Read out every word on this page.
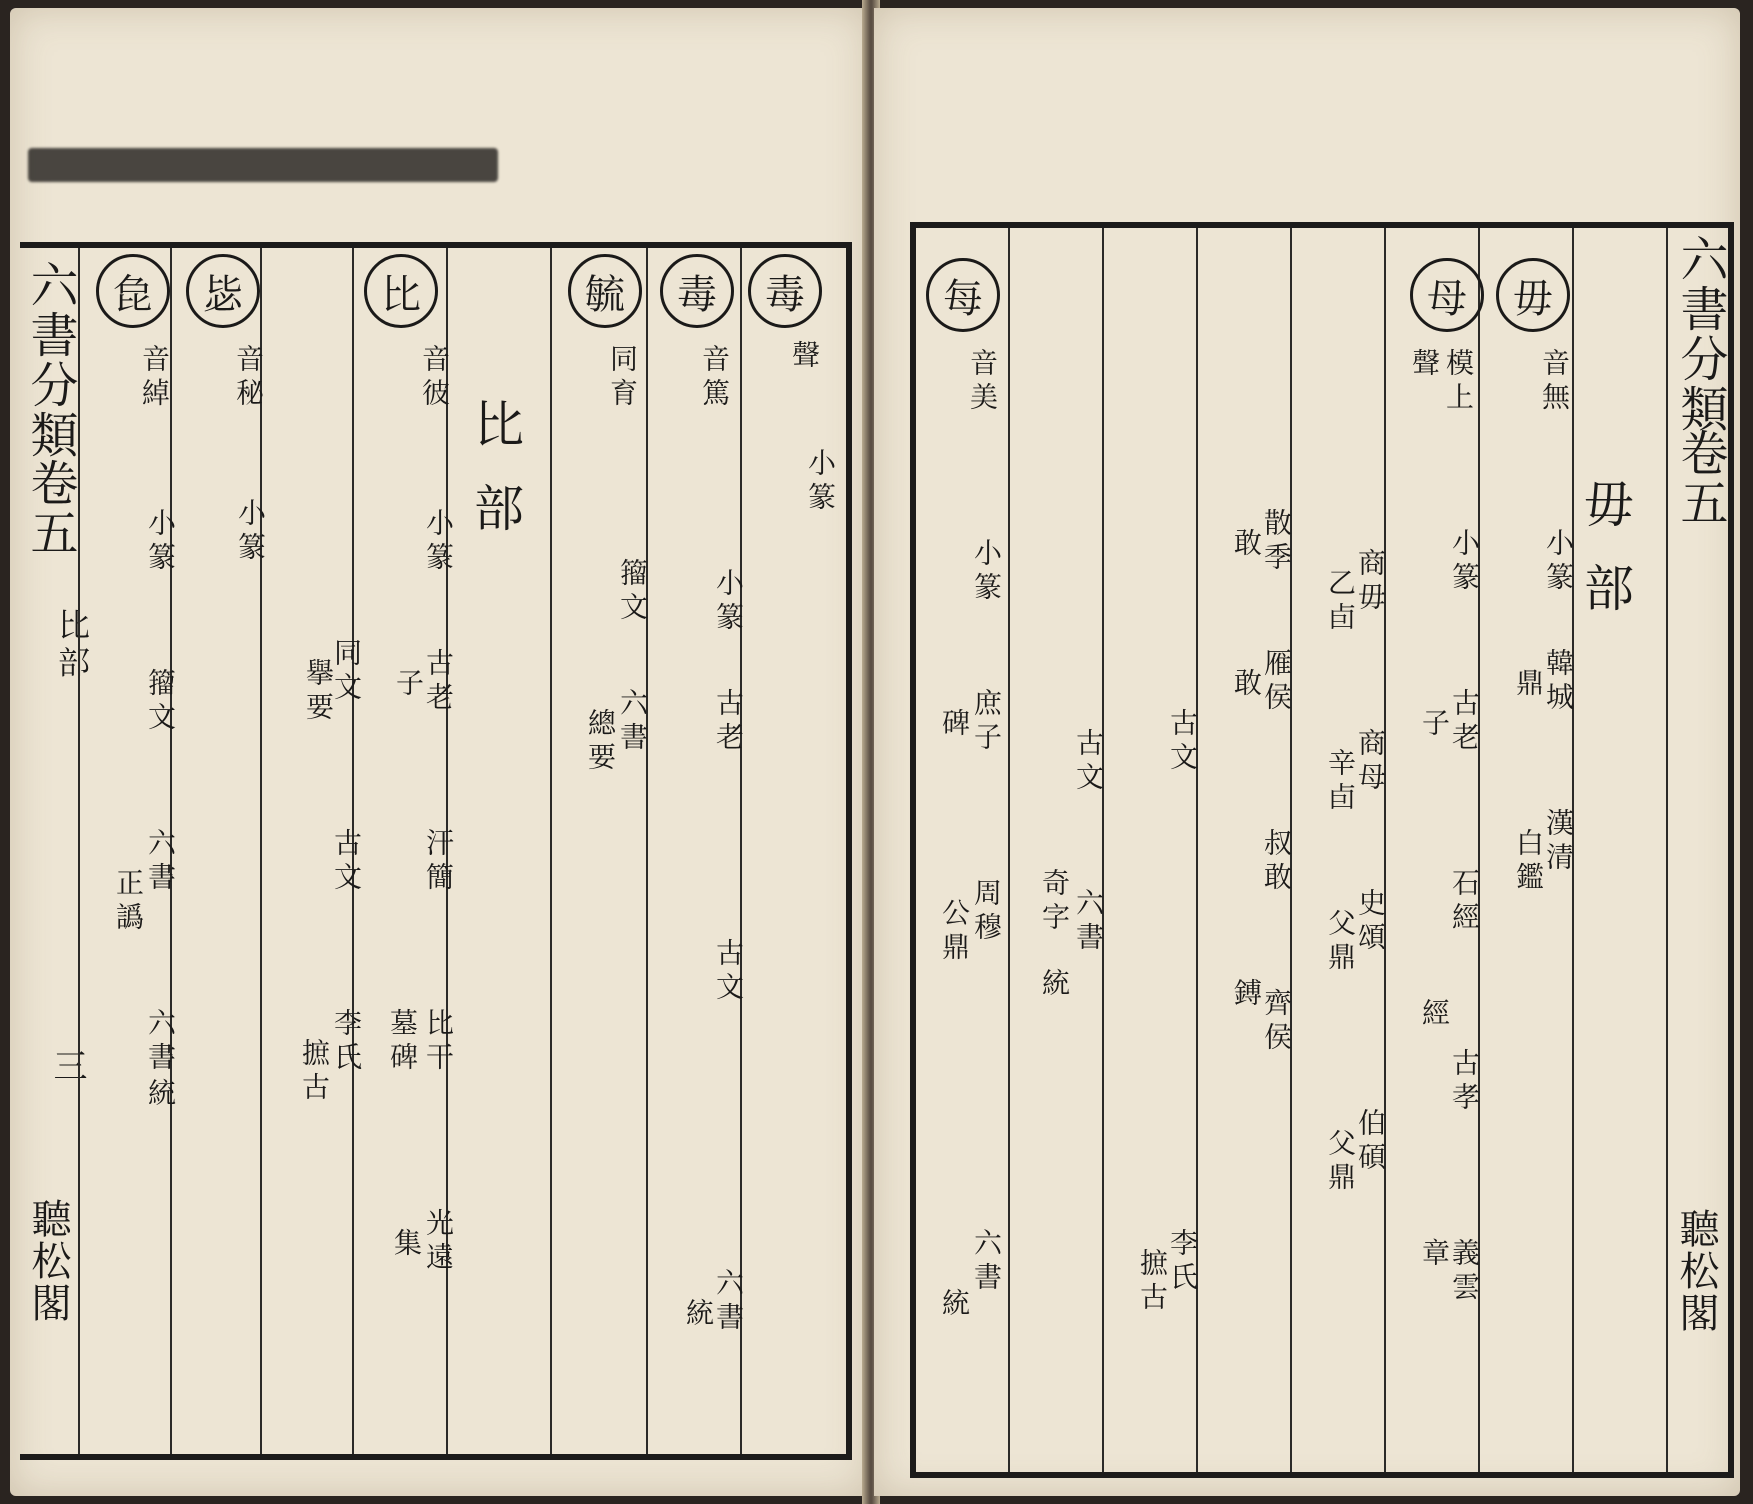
六書分類
卷五
比部
三
聽松閣
比部
毒
聲
小篆
毒
音篤
小篆
古老
古文
六書
統
毓
同育
籀文
六書
總要
比
音彼
小篆
古老
子
汗簡
比干
墓碑
光遠
集
同文
擧要
古文
李氏
摭古
毖
音秘
小篆
㲋
音綽
小篆
籀文
六書
正譌
六書
統
六書分類
卷五
聽松閣
毋部
毋
音無
小篆
韓城
鼎
漢清
白鑑
母
模上
聲
小篆
古老
子
石經
古孝
經
義雲
章
商毋
乙卣
商母
辛卣
史頌
父鼎
伯碩
父鼎
散季
敢
雁侯
敢
叔敢
齊侯
鎛
古文
李氏
摭古
古文
奇字 六書
統
每
音美
小篆
庶子
碑
周穆
公鼎
六書
統
